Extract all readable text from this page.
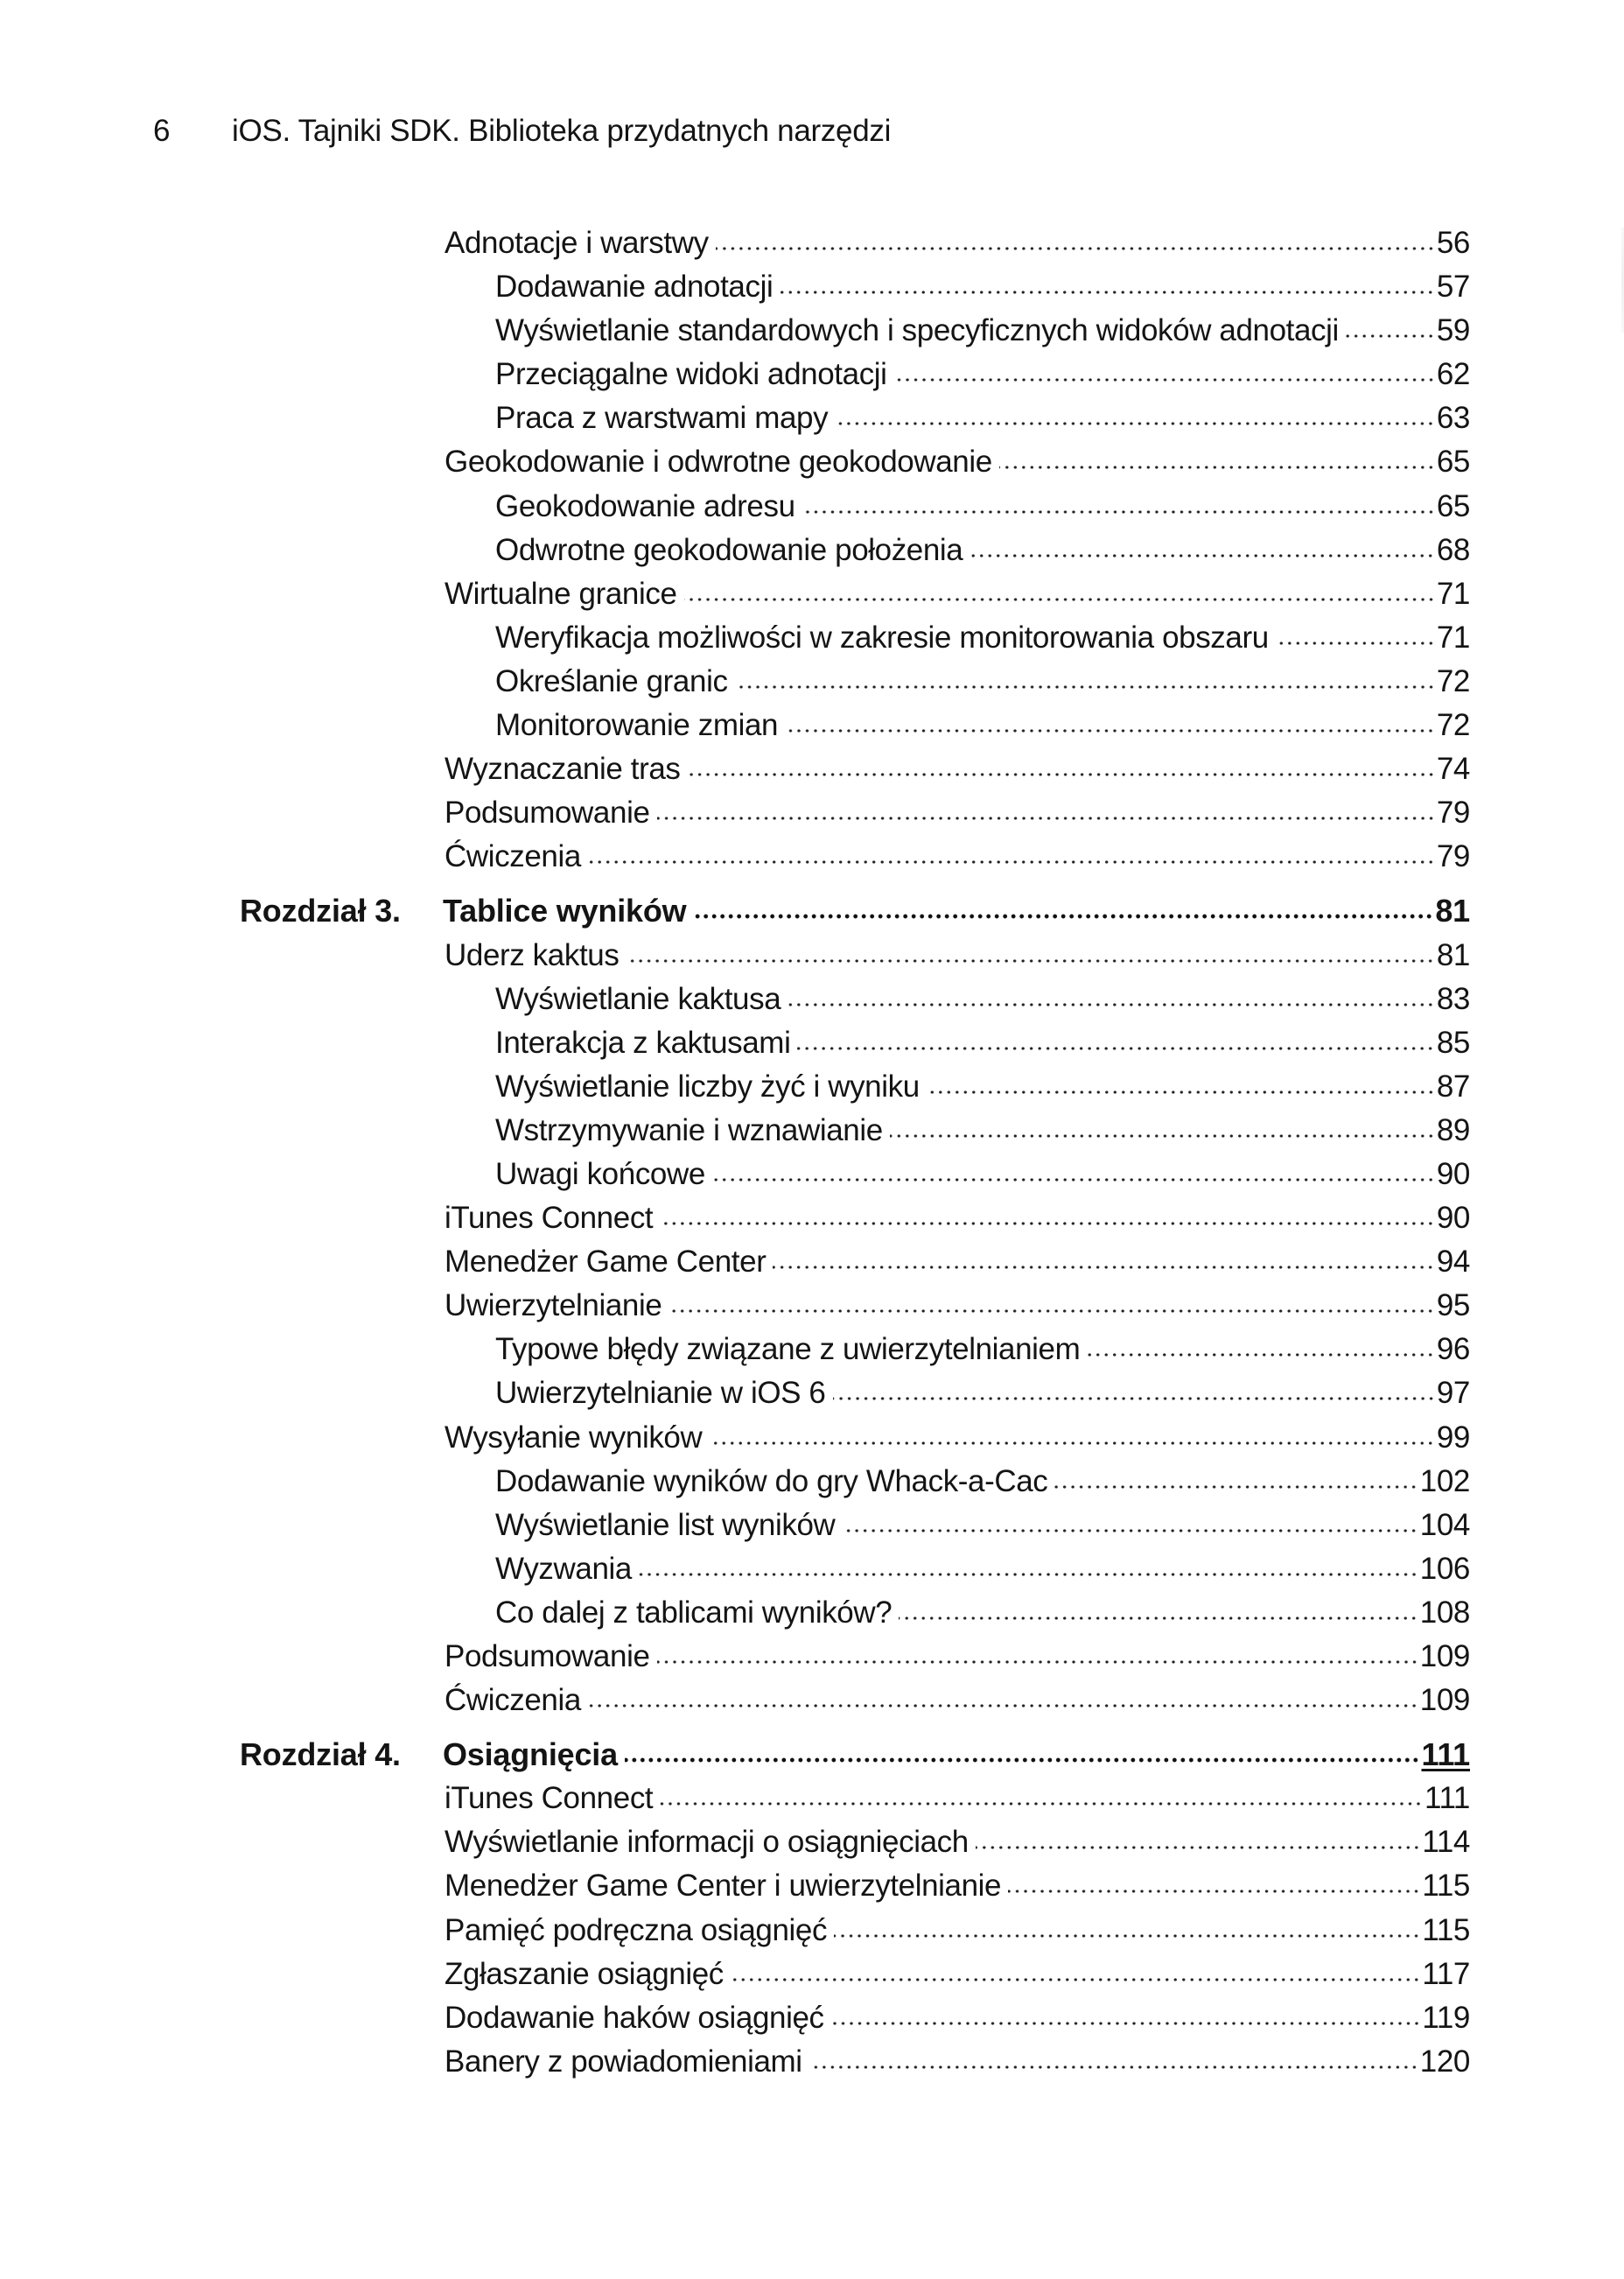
6	iOS. Tajniki SDK. Biblioteka przydatnych narzędzi
Adnotacje i warstwy	56
Dodawanie adnotacji	57
Wyświetlanie standardowych i specyficznych widoków adnotacji	59
Przeciągalne widoki adnotacji	62
Praca z warstwami mapy	63
Geokodowanie i odwrotne geokodowanie	65
Geokodowanie adresu	65
Odwrotne geokodowanie położenia	68
Wirtualne granice	71
Weryfikacja możliwości w zakresie monitorowania obszaru	71
Określanie granic	72
Monitorowanie zmian	72
Wyznaczanie tras	74
Podsumowanie	79
Ćwiczenia	79
Rozdział 3. Tablice wyników	81
Uderz kaktus	81
Wyświetlanie kaktusa	83
Interakcja z kaktusami	85
Wyświetlanie liczby żyć i wyniku	87
Wstrzymywanie i wznawianie	89
Uwagi końcowe	90
iTunes Connect	90
Menedżer Game Center	94
Uwierzytelnianie	95
Typowe błędy związane z uwierzytelnianiem	96
Uwierzytelnianie w iOS 6	97
Wysyłanie wyników	99
Dodawanie wyników do gry Whack-a-Cac	102
Wyświetlanie list wyników	104
Wyzwania	106
Co dalej z tablicami wyników?	108
Podsumowanie	109
Ćwiczenia	109
Rozdział 4. Osiągnięcia	111
iTunes Connect	111
Wyświetlanie informacji o osiągnięciach	114
Menedżer Game Center i uwierzytelnianie	115
Pamięć podręczna osiągnięć	115
Zgłaszanie osiągnięć	117
Dodawanie haków osiągnięć	119
Banery z powiadomieniami	120
